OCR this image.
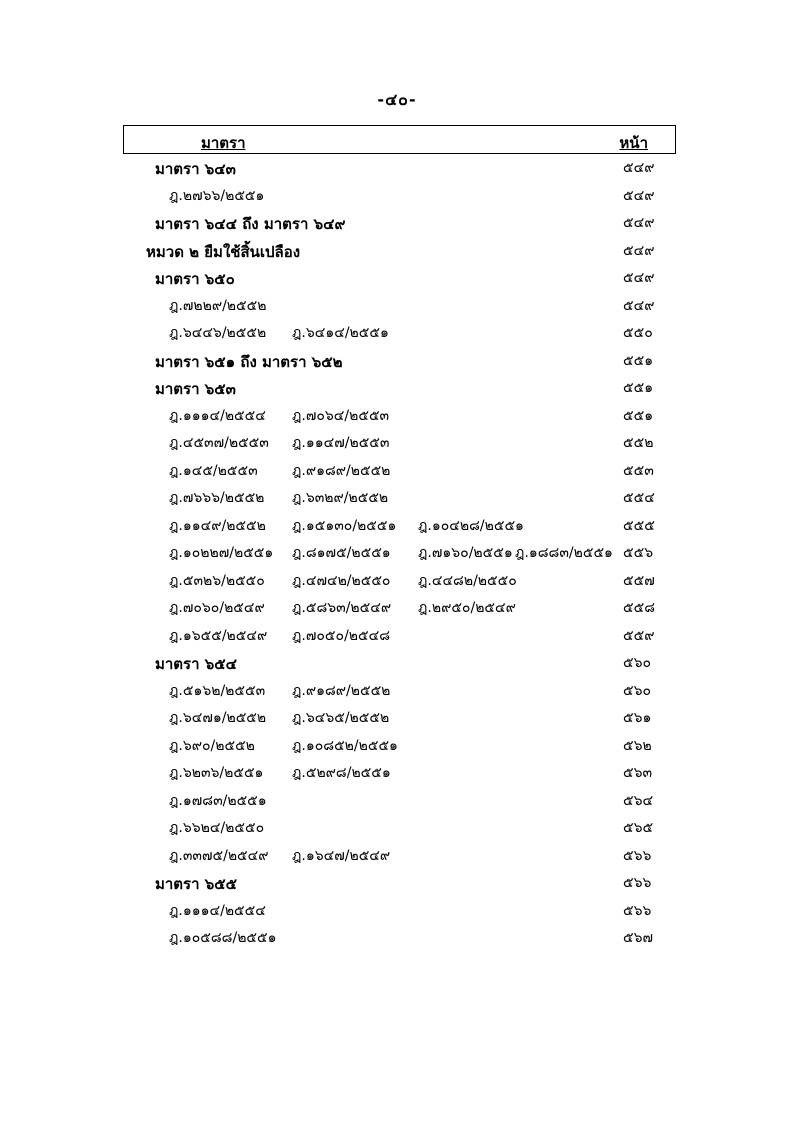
-๔๐-
มาตรา	หน้า
มาตรา ๖๔๓	๕๔๙
ฎ.๒๗๖๖/๒๕๕๑	๕๔๙
มาตรา ๖๔๔ ถึง มาตรา ๖๔๙	๕๔๙
หมวด ๒ ยืมใช้สิ้นเปลือง	๕๔๙
มาตรา ๖๕๐	๕๔๙
ฎ.๗๒๒๙/๒๕๕๒	๕๔๙
ฎ.๖๔๔๖/๒๕๕๒ ฎ.๖๔๑๔/๒๕๕๑	๕๕๐
มาตรา ๖๕๑ ถึง มาตรา ๖๕๒	๕๕๑
มาตรา ๖๕๓	๕๕๑
ฎ.๑๑๑๔/๒๕๕๔ ฎ.๗๐๖๔/๒๕๕๓	๕๕๑
ฎ.๔๕๓๗/๒๕๕๓ ฎ.๑๑๔๗/๒๕๕๓	๕๕๒
ฎ.๑๔๕/๒๕๕๓ ฎ.๙๑๘๙/๒๕๕๒	๕๕๓
ฎ.๗๖๖๖/๒๕๕๒ ฎ.๖๓๒๙/๒๕๕๒	๕๕๔
ฎ.๑๑๔๙/๒๕๕๒ ฎ.๑๕๑๓๐/๒๕๕๑ ฎ.๑๐๔๒๘/๒๕๕๑	๕๕๕
ฎ.๑๐๒๒๗/๒๕๕๑ ฎ.๘๑๗๕/๒๕๕๑ ฎ.๗๑๖๐/๒๕๕๑ ฎ.๑๘๘๓/๒๕๕๑ ๕๕๖
ฎ.๕๓๒๖/๒๕๕๐ ฎ.๔๗๔๒/๒๕๕๐ ฎ.๔๔๘๒/๒๕๕๐	๕๕๗
ฎ.๗๐๖๐/๒๕๔๙ ฎ.๕๘๖๓/๒๕๔๙ ฎ.๒๙๕๐/๒๕๔๙	๕๕๘
ฎ.๑๖๕๕/๒๕๔๙ ฎ.๗๐๕๐/๒๕๔๘	๕๕๙
มาตรา ๖๕๔	๕๖๐
ฎ.๕๑๖๒/๒๕๕๓ ฎ.๙๑๘๙/๒๕๕๒	๕๖๐
ฎ.๖๔๗๑/๒๕๕๒ ฎ.๖๔๖๕/๒๕๕๒	๕๖๑
ฎ.๖๙๐/๒๕๕๒	ฎ.๑๐๘๕๒/๒๕๕๑	๕๖๒
ฎ.๖๒๓๖/๒๕๕๑ ฎ.๕๒๙๘/๒๕๕๑	๕๖๓
ฎ.๑๗๘๓/๒๕๕๑	๕๖๔
ฎ.๖๖๒๔/๒๕๕๐	๕๖๕
ฎ.๓๓๗๕/๒๕๔๙ ฎ.๑๖๔๗/๒๕๔๙	๕๖๖
มาตรา ๖๕๕	๕๖๖
ฎ.๑๑๑๔/๒๕๕๔	๕๖๖
ฎ.๑๐๕๘๘/๒๕๕๑	๕๖๗
